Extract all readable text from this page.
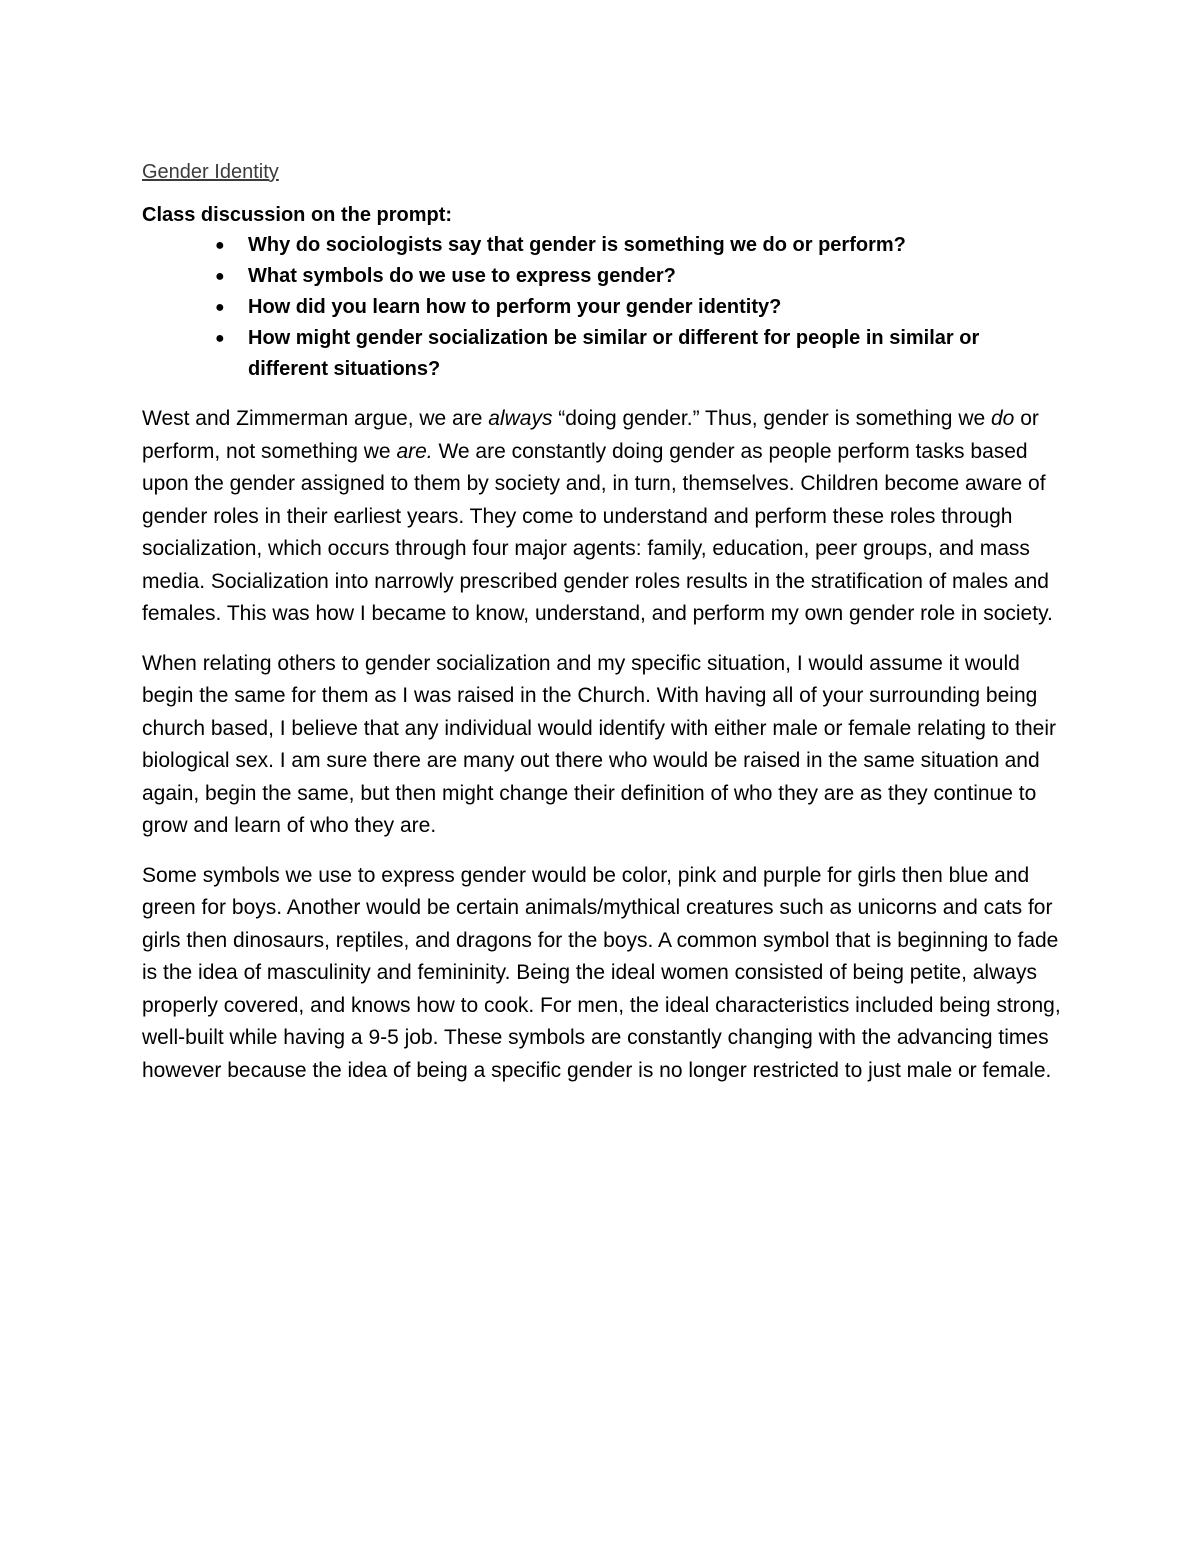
Gender Identity

Class discussion on the prompt:

● Why do sociologists say that gender is something we do or perform?
● What symbols do we use to express gender?
● How did you learn how to perform your gender identity?
● How might gender socialization be similar or different for people in similar or different situations?

West and Zimmerman argue, we are always “doing gender.” Thus, gender is something we do or perform, not something we are. We are constantly doing gender as people perform tasks based upon the gender assigned to them by society and, in turn, themselves. Children become aware of gender roles in their earliest years. They come to understand and perform these roles through socialization, which occurs through four major agents: family, education, peer groups, and mass media. Socialization into narrowly prescribed gender roles results in the stratification of males and females. This was how I became to know, understand, and perform my own gender role in society.

When relating others to gender socialization and my specific situation, I would assume it would begin the same for them as I was raised in the Church. With having all of your surrounding being church based, I believe that any individual would identify with either male or female relating to their biological sex. I am sure there are many out there who would be raised in the same situation and again, begin the same, but then might change their definition of who they are as they continue to grow and learn of who they are.

Some symbols we use to express gender would be color, pink and purple for girls then blue and green for boys. Another would be certain animals/mythical creatures such as unicorns and cats for girls then dinosaurs, reptiles, and dragons for the boys. A common symbol that is beginning to fade is the idea of masculinity and femininity. Being the ideal women consisted of being petite, always properly covered, and knows how to cook. For men, the ideal characteristics included being strong, well-built while having a 9-5 job. These symbols are constantly changing with the advancing times however because the idea of being a specific gender is no longer restricted to just male or female.
